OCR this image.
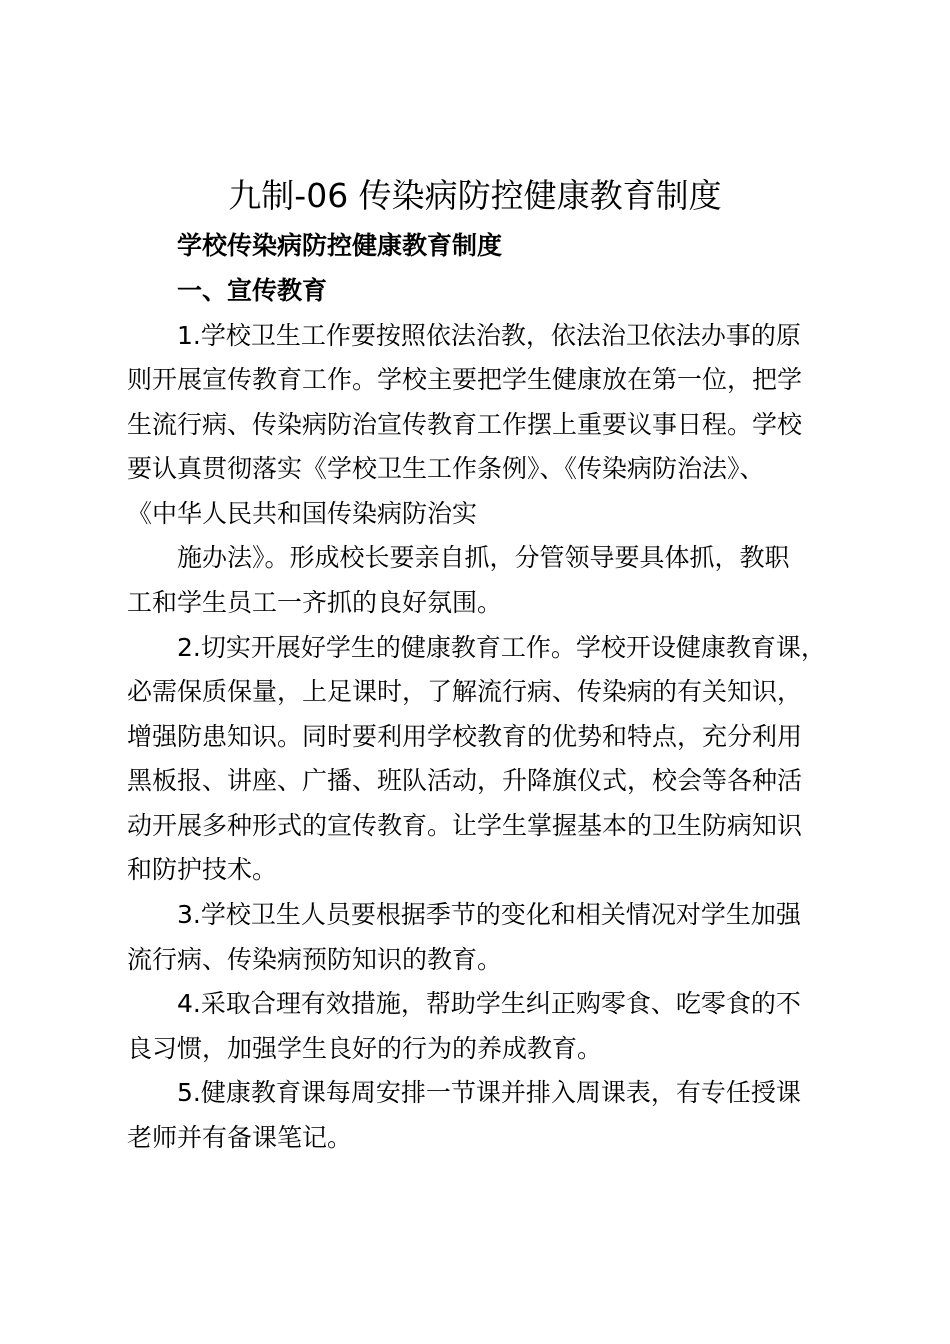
九制-06 传染病防控健康教育制度
学校传染病防控健康教育制度
一、宣传教育
1.学校卫生工作要按照依法治教，依法治卫依法办事的原
则开展宣传教育工作。学校主要把学生健康放在第一位，把学
生流行病、传染病防治宣传教育工作摆上重要议事日程。学校
要认真贯彻落实《学校卫生工作条例》、《传染病防治法》、
《中华人民共和国传染病防治实
施办法》。形成校长要亲自抓，分管领导要具体抓，教职
工和学生员工一齐抓的良好氛围。
2.切实开展好学生的健康教育工作。学校开设健康教育课，
必需保质保量，上足课时，了解流行病、传染病的有关知识，
增强防患知识。同时要利用学校教育的优势和特点，充分利用
黑板报、讲座、广播、班队活动，升降旗仪式，校会等各种活
动开展多种形式的宣传教育。让学生掌握基本的卫生防病知识
和防护技术。
3.学校卫生人员要根据季节的变化和相关情况对学生加强
流行病、传染病预防知识的教育。
4.采取合理有效措施，帮助学生纠正购零食、吃零食的不
良习惯，加强学生良好的行为的养成教育。
5.健康教育课每周安排一节课并排入周课表，有专任授课
老师并有备课笔记。
